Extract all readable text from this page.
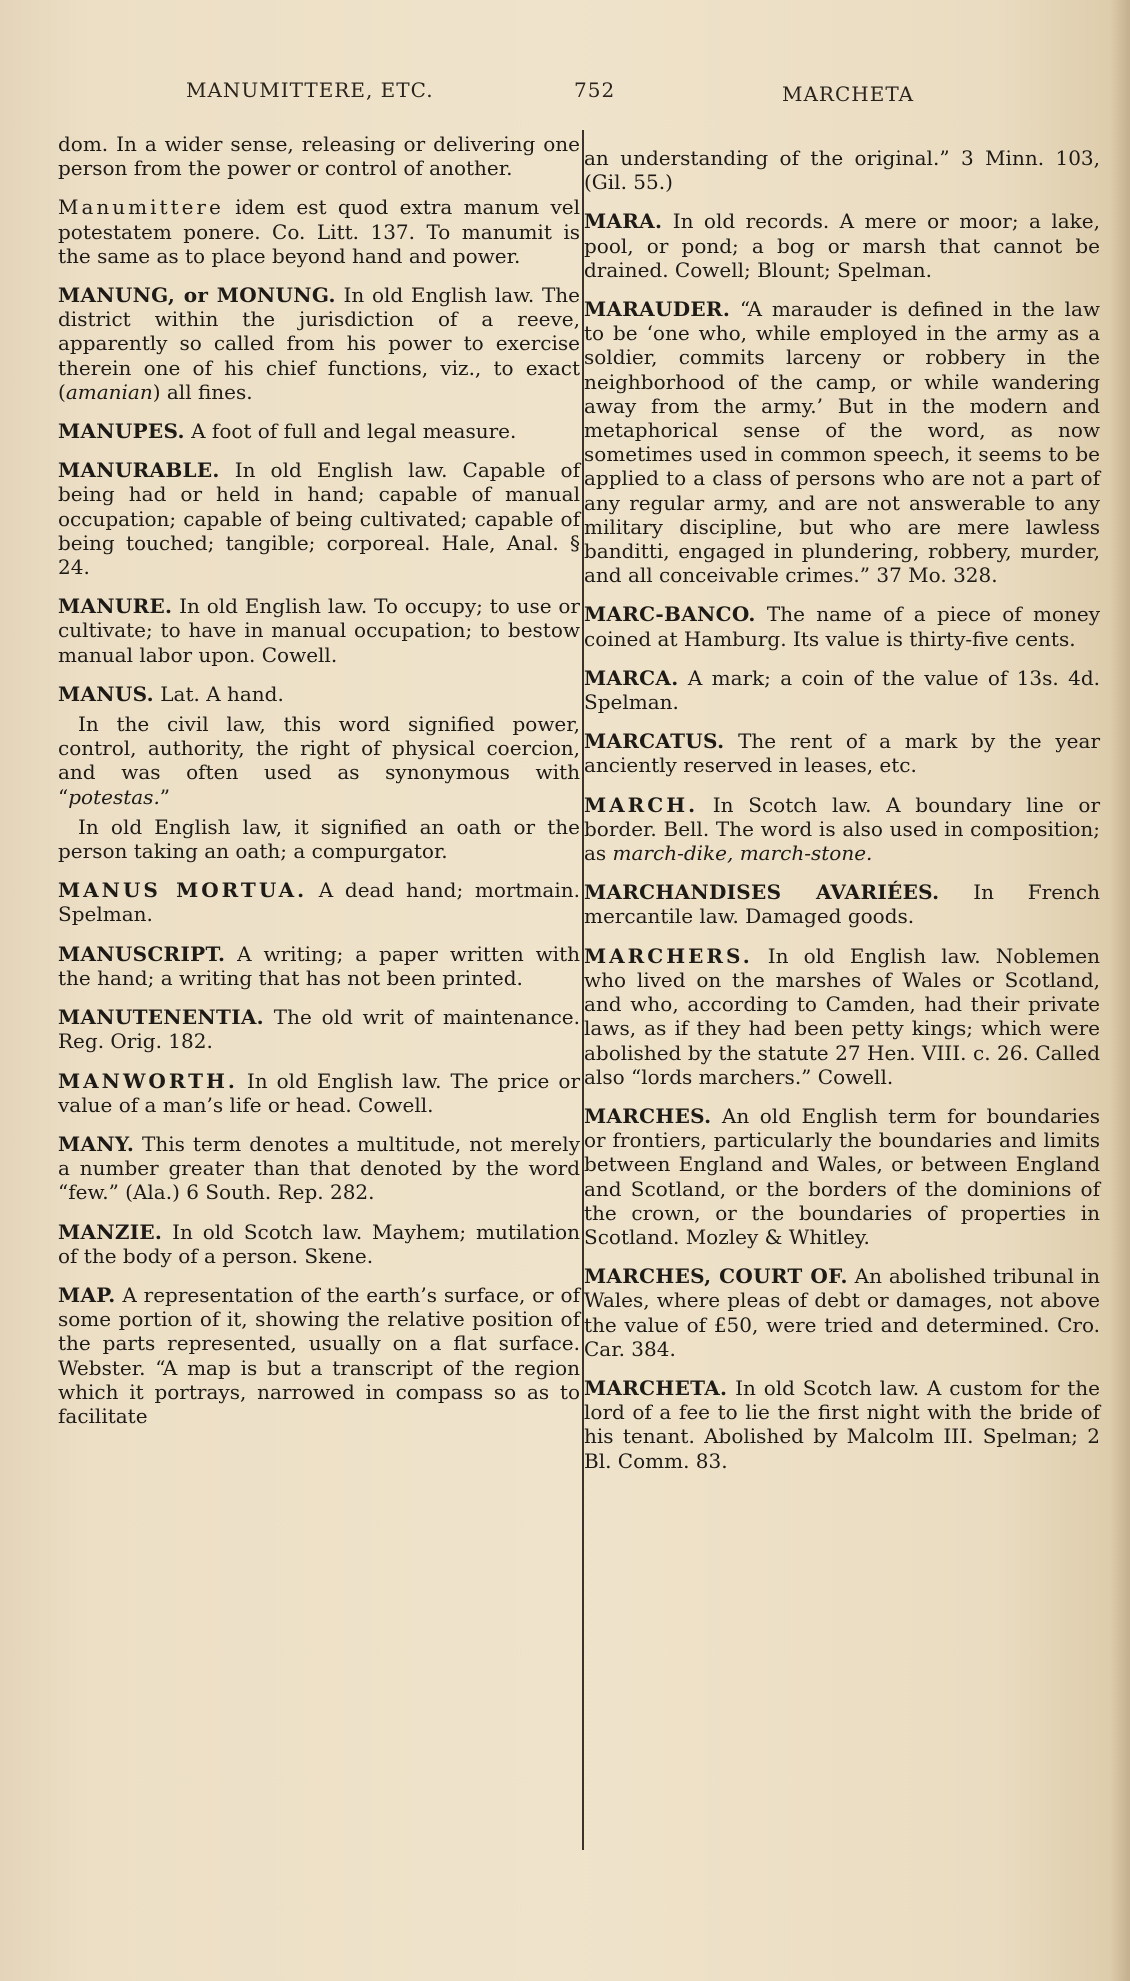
MANUMITTERE, ETC.	752	MARCHETA
dom. In a wider sense, releasing or delivering one person from the power or control of another.
Manumittere idem est quod extra manum vel potestatem ponere. Co. Litt. 137. To manumit is the same as to place beyond hand and power.
MANUNG, or MONUNG. In old English law. The district within the jurisdiction of a reeve, apparently so called from his power to exercise therein one of his chief functions, viz., to exact (amanian) all fines.
MANUPES. A foot of full and legal measure.
MANURABLE. In old English law. Capable of being had or held in hand; capable of manual occupation; capable of being cultivated; capable of being touched; tangible; corporeal. Hale, Anal. § 24.
MANURE. In old English law. To occupy; to use or cultivate; to have in manual occupation; to bestow manual labor upon. Cowell.
MANUS. Lat. A hand.
In the civil law, this word signified power, control, authority, the right of physical coercion, and was often used as synonymous with “potestas.”
In old English law, it signified an oath or the person taking an oath; a compurgator.
MANUS MORTUA. A dead hand; mortmain. Spelman.
MANUSCRIPT. A writing; a paper written with the hand; a writing that has not been printed.
MANUTENENTIA. The old writ of maintenance. Reg. Orig. 182.
MANWORTH. In old English law. The price or value of a man’s life or head. Cowell.
MANY. This term denotes a multitude, not merely a number greater than that denoted by the word “few.” (Ala.) 6 South. Rep. 282.
MANZIE. In old Scotch law. Mayhem; mutilation of the body of a person. Skene.
MAP. A representation of the earth’s surface, or of some portion of it, showing the relative position of the parts represented, usually on a flat surface. Webster. “A map is but a transcript of the region which it portrays, narrowed in compass so as to facilitate
an understanding of the original.” 3 Minn. 103, (Gil. 55.)
MARA. In old records. A mere or moor; a lake, pool, or pond; a bog or marsh that cannot be drained. Cowell; Blount; Spelman.
MARAUDER. “A marauder is defined in the law to be ‘one who, while employed in the army as a soldier, commits larceny or robbery in the neighborhood of the camp, or while wandering away from the army.’ But in the modern and metaphorical sense of the word, as now sometimes used in common speech, it seems to be applied to a class of persons who are not a part of any regular army, and are not answerable to any military discipline, but who are mere lawless banditti, engaged in plundering, robbery, murder, and all conceivable crimes.” 37 Mo. 328.
MARC-BANCO. The name of a piece of money coined at Hamburg. Its value is thirty-five cents.
MARCA. A mark; a coin of the value of 13s. 4d. Spelman.
MARCATUS. The rent of a mark by the year anciently reserved in leases, etc.
MARCH. In Scotch law. A boundary line or border. Bell. The word is also used in composition; as march-dike, march-stone.
MARCHANDISES AVARIÉES. In French mercantile law. Damaged goods.
MARCHERS. In old English law. Noblemen who lived on the marshes of Wales or Scotland, and who, according to Camden, had their private laws, as if they had been petty kings; which were abolished by the statute 27 Hen. VIII. c. 26. Called also “lords marchers.” Cowell.
MARCHES. An old English term for boundaries or frontiers, particularly the boundaries and limits between England and Wales, or between England and Scotland, or the borders of the dominions of the crown, or the boundaries of properties in Scotland. Mozley & Whitley.
MARCHES, COURT OF. An abolished tribunal in Wales, where pleas of debt or damages, not above the value of £50, were tried and determined. Cro. Car. 384.
MARCHETA. In old Scotch law. A custom for the lord of a fee to lie the first night with the bride of his tenant. Abolished by Malcolm III. Spelman; 2 Bl. Comm. 83.
